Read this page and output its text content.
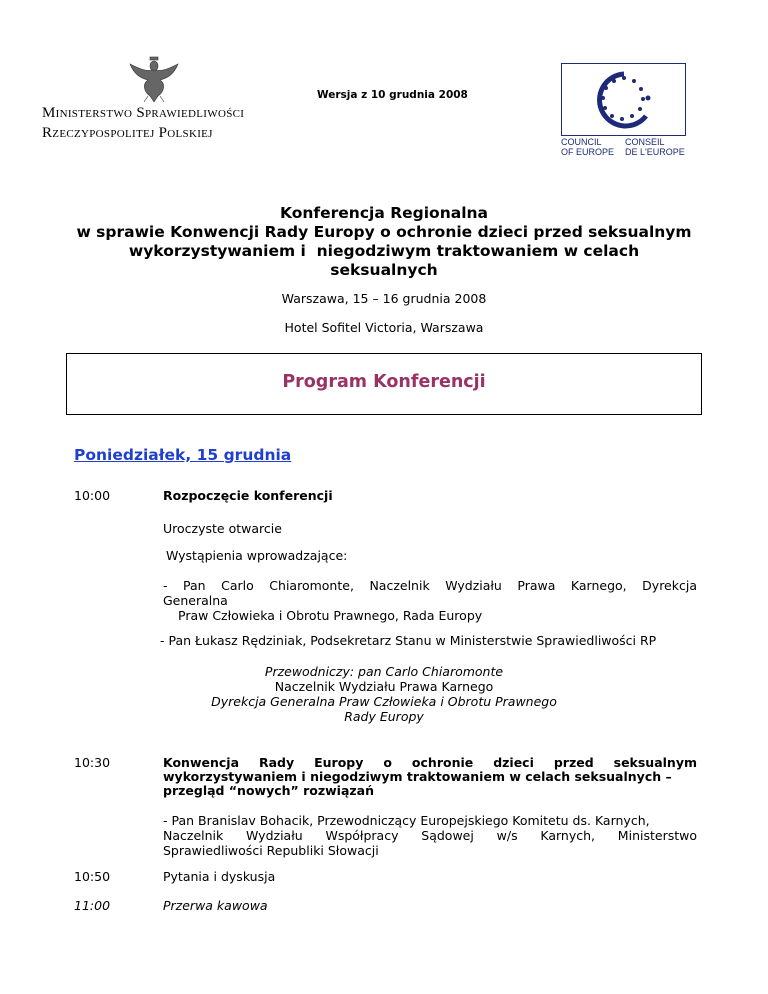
Ministerstwo Sprawiedliwości
Rzeczypospolitej Polskiej
Wersja z 10 grudnia 2008
COUNCIL
OF EUROPE
CONSEIL
DE L'EUROPE
Konferencja Regionalna
w sprawie Konwencji Rady Europy o ochronie dzieci przed seksualnym
wykorzystywaniem i  niegodziwym traktowaniem w celach
seksualnych
Warszawa, 15 – 16 grudnia 2008
Hotel Sofitel Victoria, Warszawa
Program Konferencji
Poniedziałek, 15 grudnia
10:00	Rozpoczęcie konferencji
Uroczyste otwarcie
Wystąpienia wprowadzające:
- Pan Carlo Chiaromonte, Naczelnik Wydziału Prawa Karnego, Dyrekcja
Generalna
Praw Człowieka i Obrotu Prawnego, Rada Europy
- Pan Łukasz Rędziniak, Podsekretarz Stanu w Ministerstwie Sprawiedliwości RP
Przewodniczy: pan Carlo Chiaromonte
Naczelnik Wydziału Prawa Karnego
Dyrekcja Generalna Praw Człowieka i Obrotu Prawnego
Rady Europy
10:30	Konwencja Rady Europy o ochronie dzieci przed seksualnym
wykorzystywaniem i niegodziwym traktowaniem w celach seksualnych –
przegląd “nowych” rozwiązań
- Pan Branislav Bohacik, Przewodniczący Europejskiego Komitetu ds. Karnych,
Naczelnik Wydziału Współpracy Sądowej w/s Karnych, Ministerstwo
Sprawiedliwości Republiki Słowacji
10:50	Pytania i dyskusja
11:00	Przerwa kawowa
